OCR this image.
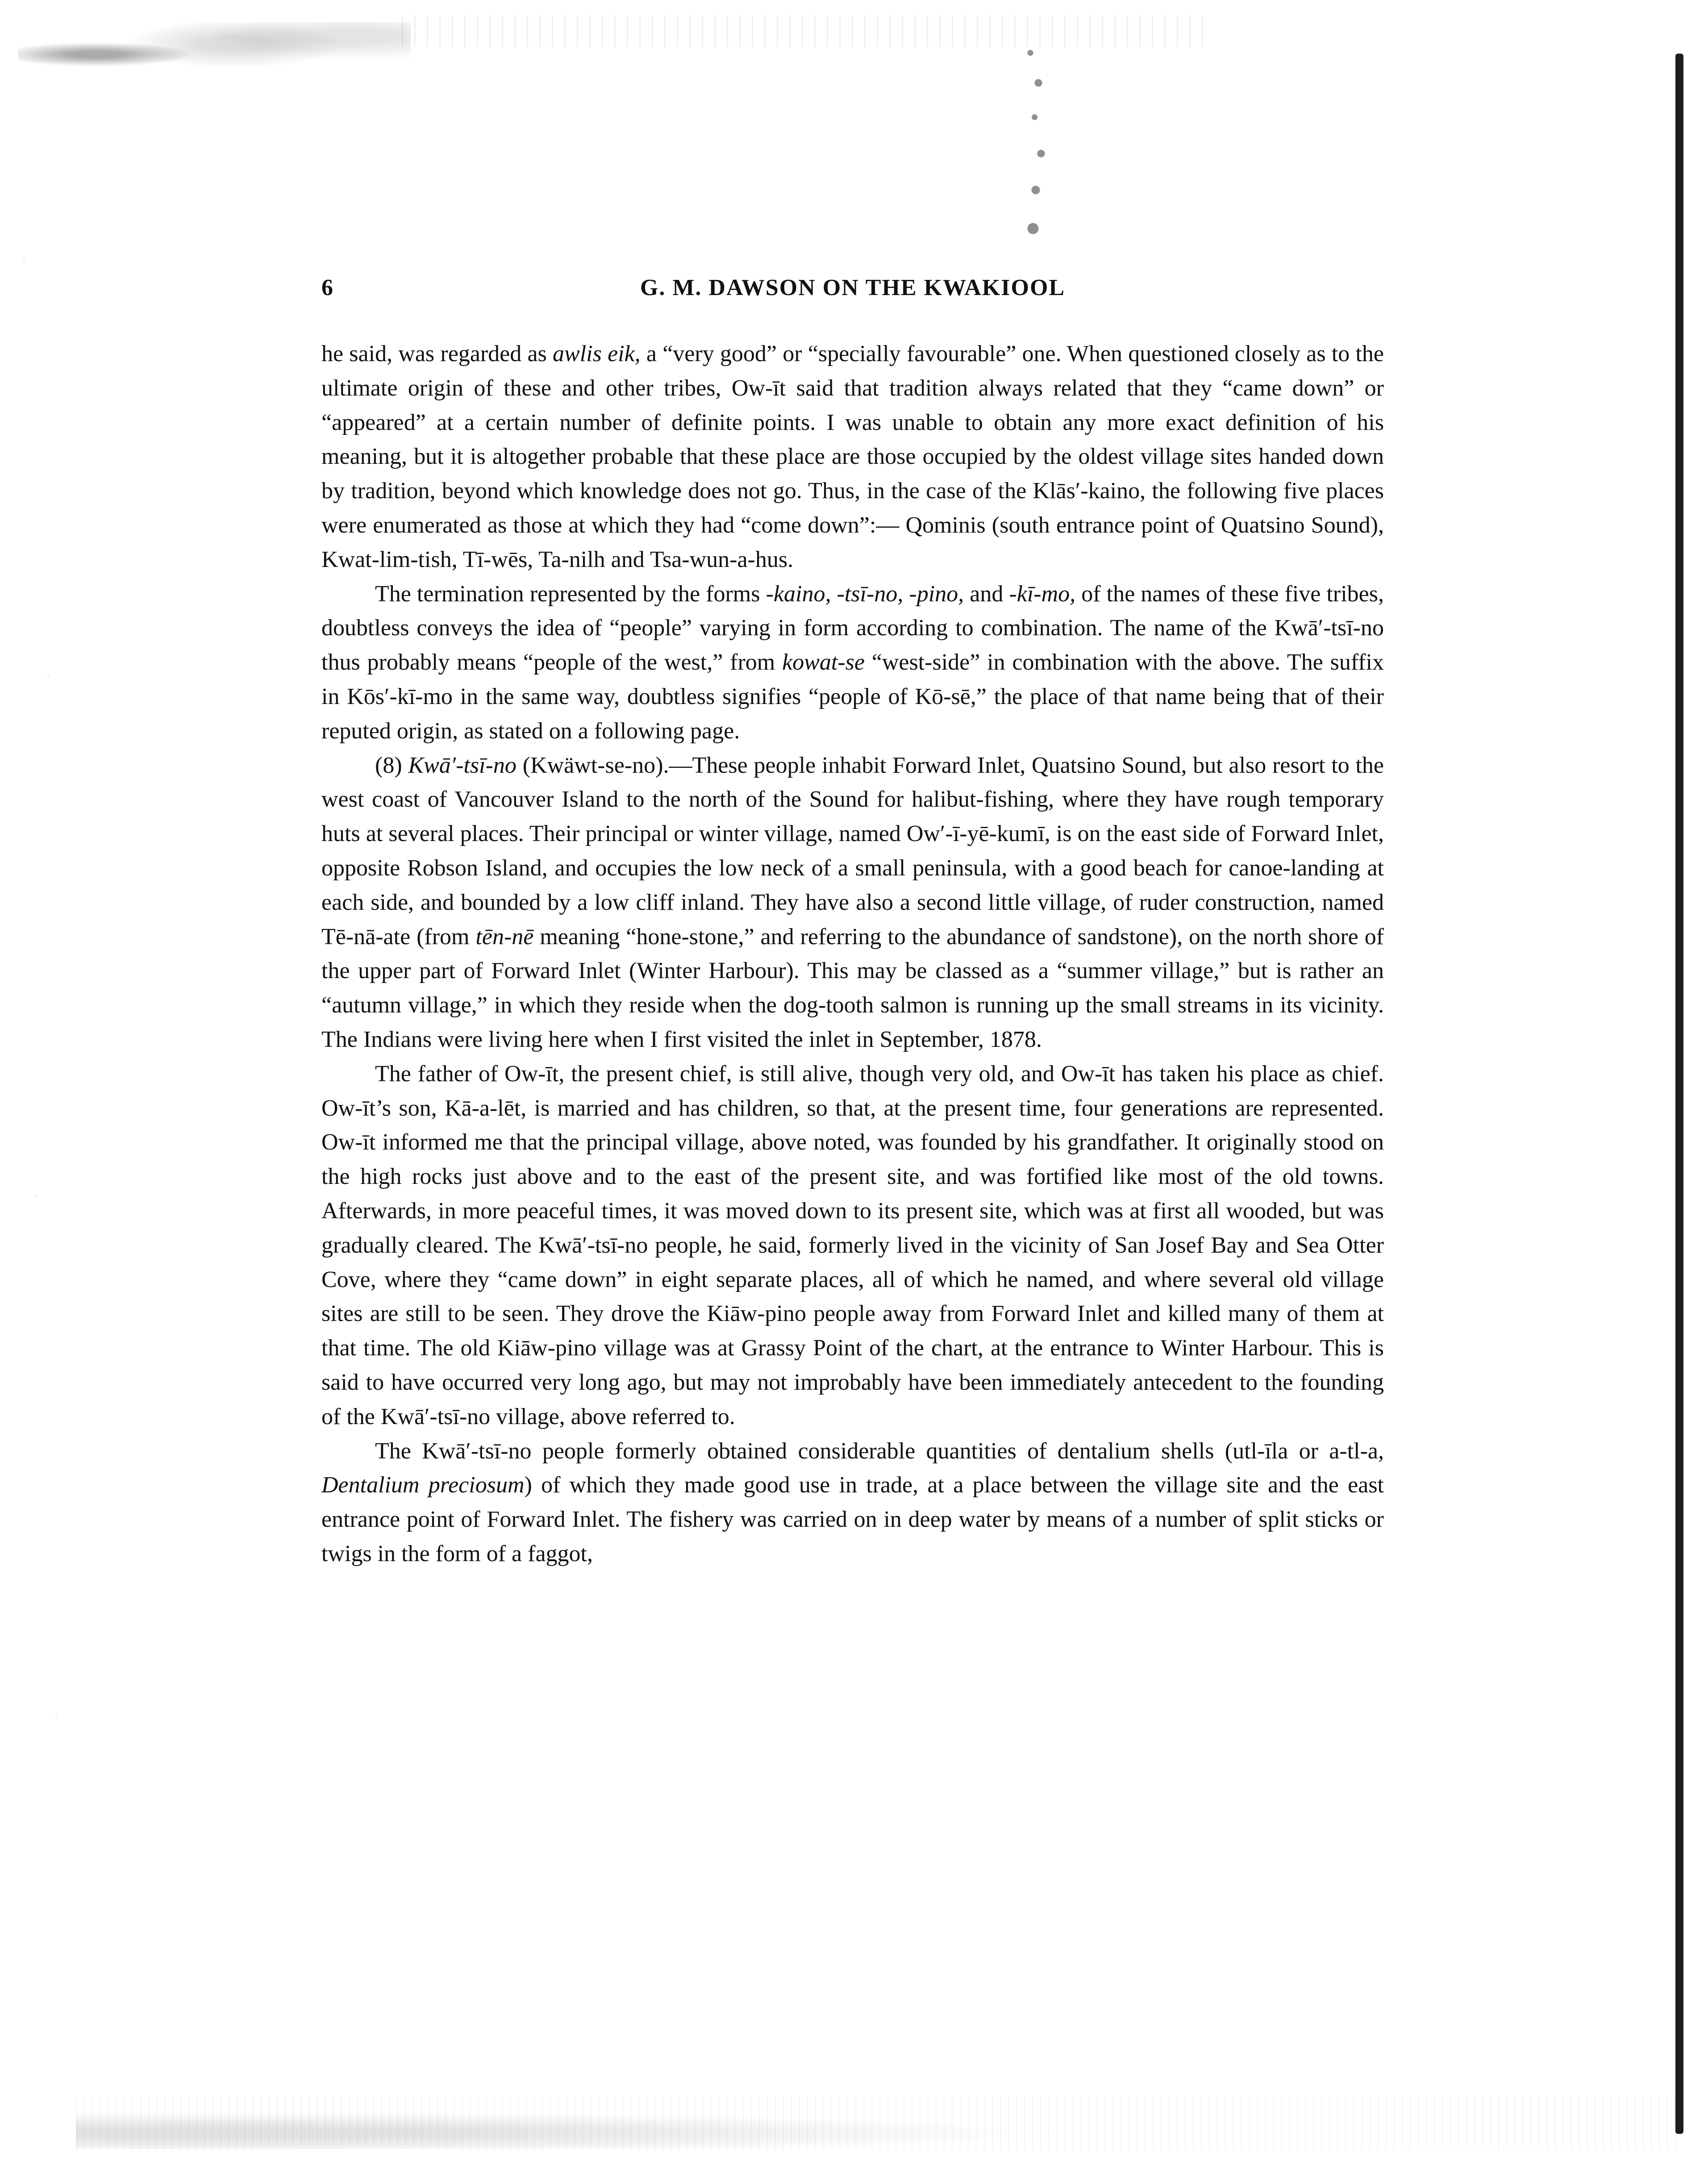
6	G. M. DAWSON ON THE KWAKIOOL

he said, was regarded as awlis eik, a “very good” or “specially favourable” one. When questioned closely as to the ultimate origin of these and other tribes, Ow-īt said that tradition always related that they “came down” or “appeared” at a certain number of definite points. I was unable to obtain any more exact definition of his meaning, but it is altogether probable that these place are those occupied by the oldest village sites handed down by tradition, beyond which knowledge does not go. Thus, in the case of the Klās′-kaino, the following five places were enumerated as those at which they had “come down”:— Qominis (south entrance point of Quatsino Sound), Kwat-lim-tish, Tī-wēs, Ta-nilh and Tsa-wun-a-hus.

The termination represented by the forms -kaino, -tsī-no, -pino, and -kī-mo, of the names of these five tribes, doubtless conveys the idea of “people” varying in form according to combination. The name of the Kwā′-tsī-no thus probably means “people of the west,” from kowat-se “west-side” in combination with the above. The suffix in Kōs′-kī-mo in the same way, doubtless signifies “people of Kō-sē,” the place of that name being that of their reputed origin, as stated on a following page.

(8) Kwā′-tsī-no (Kwäwt-se-no).—These people inhabit Forward Inlet, Quatsino Sound, but also resort to the west coast of Vancouver Island to the north of the Sound for halibut-fishing, where they have rough temporary huts at several places. Their principal or winter village, named Ow′-ī-yē-kumī, is on the east side of Forward Inlet, opposite Robson Island, and occupies the low neck of a small peninsula, with a good beach for canoe-landing at each side, and bounded by a low cliff inland. They have also a second little village, of ruder construction, named Tē-nā-ate (from tēn-nē meaning “hone-stone,” and referring to the abundance of sandstone), on the north shore of the upper part of Forward Inlet (Winter Harbour). This may be classed as a “summer village,” but is rather an “autumn village,” in which they reside when the dog-tooth salmon is running up the small streams in its vicinity. The Indians were living here when I first visited the inlet in September, 1878.

The father of Ow-īt, the present chief, is still alive, though very old, and Ow-īt has taken his place as chief. Ow-īt’s son, Kā-a-lēt, is married and has children, so that, at the present time, four generations are represented. Ow-īt informed me that the principal village, above noted, was founded by his grandfather. It originally stood on the high rocks just above and to the east of the present site, and was fortified like most of the old towns. Afterwards, in more peaceful times, it was moved down to its present site, which was at first all wooded, but was gradually cleared. The Kwā′-tsī-no people, he said, formerly lived in the vicinity of San Josef Bay and Sea Otter Cove, where they “came down” in eight separate places, all of which he named, and where several old village sites are still to be seen. They drove the Kiāw-pino people away from Forward Inlet and killed many of them at that time. The old Kiāw-pino village was at Grassy Point of the chart, at the entrance to Winter Harbour. This is said to have occurred very long ago, but may not improbably have been immediately antecedent to the founding of the Kwā′-tsī-no village, above referred to.

The Kwā′-tsī-no people formerly obtained considerable quantities of dentalium shells (utl-īla or a-tl-a, Dentalium preciosum) of which they made good use in trade, at a place between the village site and the east entrance point of Forward Inlet. The fishery was carried on in deep water by means of a number of split sticks or twigs in the form of a faggot,
